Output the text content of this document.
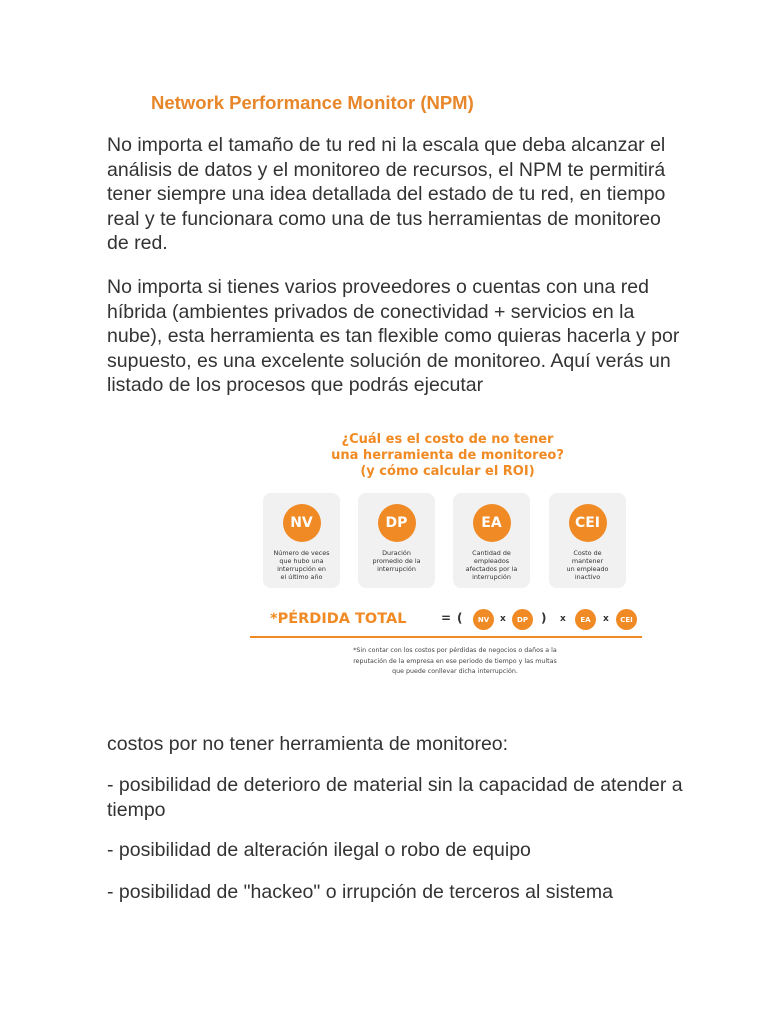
Network Performance Monitor (NPM)
No importa el tamaño de tu red ni la escala que deba alcanzar el análisis de datos y el monitoreo de recursos, el NPM te permitirá tener siempre una idea detallada del estado de tu red, en tiempo real y te funcionara como una de tus herramientas de monitoreo de red.
No importa si tienes varios proveedores o cuentas con una red híbrida (ambientes privados de conectividad + servicios en la nube), esta herramienta es tan flexible como quieras hacerla y por supuesto, es una excelente solución de monitoreo. Aquí verás un listado de los procesos que podrás ejecutar
¿Cuál es el costo de no tener
una herramienta de monitoreo?
(y cómo calcular el ROI)
NV
Número de veces
que hubo una
interrupción en
el último año
DP
Duración
promedio de la
interrupción
EA
Cantidad de
empleados
afectados por la
interrupción
CEI
Costo de
mantener
un empleado
inactivo
*PÉRDIDA TOTAL	= (	NV	x	DP	) x	EA	x	CEI
*Sin contar con los costos por pérdidas de negocios o daños a la
reputación de la empresa en ese periodo de tiempo y las multas
que puede conllevar dicha interrupción.
costos por no tener herramienta de monitoreo:
- posibilidad de deterioro de material sin la capacidad de atender a tiempo
- posibilidad de alteración ilegal o robo de equipo
- posibilidad de "hackeo" o irrupción de terceros al sistema
